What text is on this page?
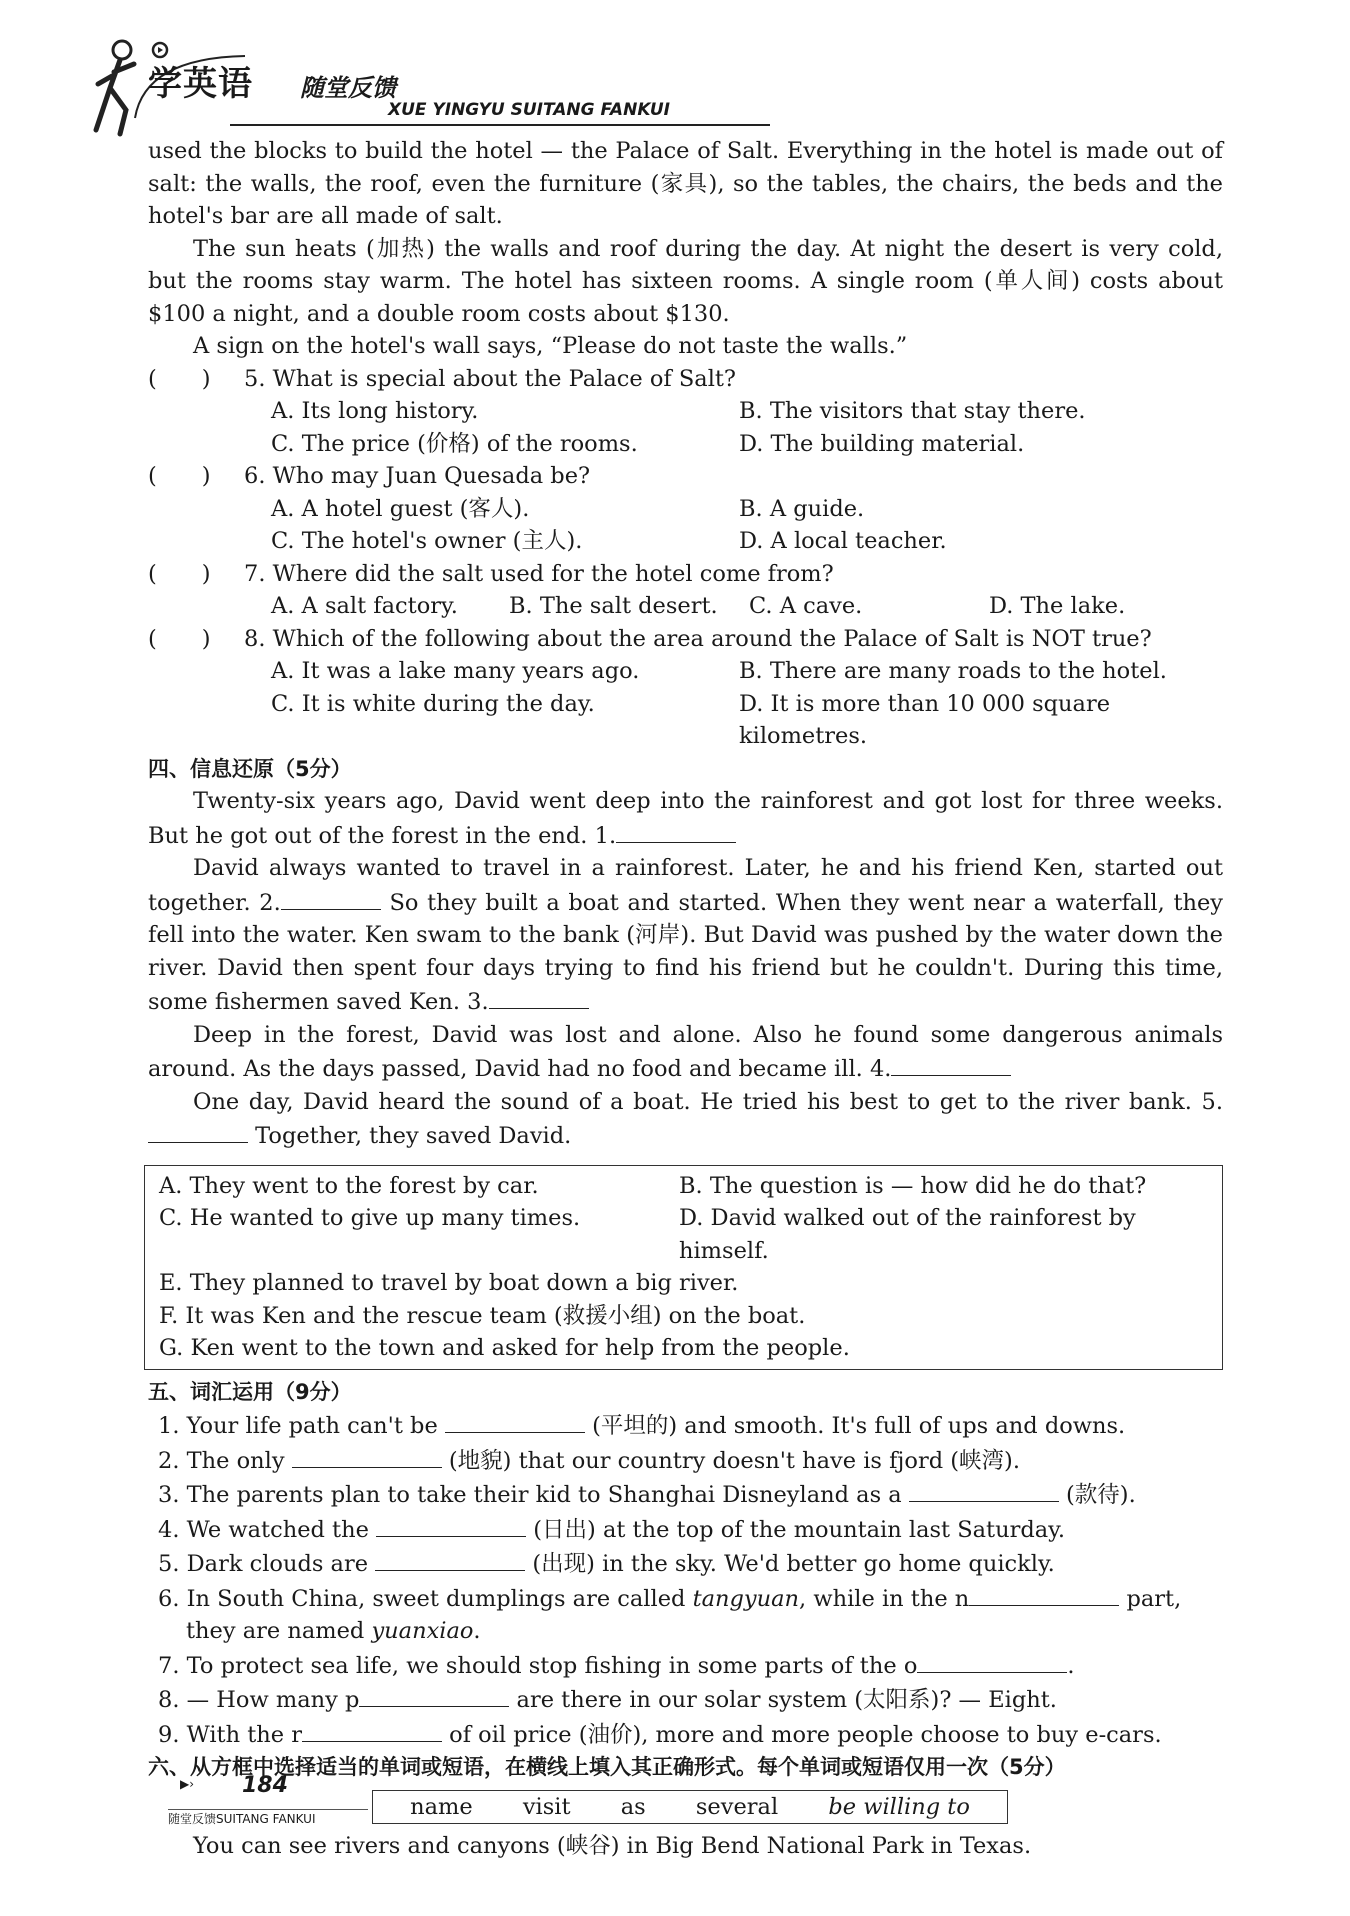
学英语 随堂反馈
XUE YINGYU SUITANG FANKUI

used the blocks to build the hotel — the Palace of Salt. Everything in the hotel is made out of salt: the walls, the roof, even the furniture (家具), so the tables, the chairs, the beds and the hotel's bar are all made of salt.

The sun heats (加热) the walls and roof during the day. At night the desert is very cold, but the rooms stay warm. The hotel has sixteen rooms. A single room (单人间) costs about $100 a night, and a double room costs about $130.

A sign on the hotel's wall says, “Please do not taste the walls.”

(　　)	5. What is special about the Palace of Salt?
A. Its long history.	B. The visitors that stay there.
C. The price (价格) of the rooms.	D. The building material.
(　　)	6. Who may Juan Quesada be?
A. A hotel guest (客人).	B. A guide.
C. The hotel's owner (主人).	D. A local teacher.
(　　)	7. Where did the salt used for the hotel come from?
A. A salt factory.	B. The salt desert.	C. A cave.	D. The lake.
(　　)	8. Which of the following about the area around the Palace of Salt is NOT true?
A. It was a lake many years ago.	B. There are many roads to the hotel.
C. It is white during the day.	D. It is more than 10 000 square kilometres.
四、信息还原（5分）

Twenty-six years ago, David went deep into the rainforest and got lost for three weeks. But he got out of the forest in the end. 1.

David always wanted to travel in a rainforest. Later, he and his friend Ken, started out together. 2.	So they built a boat and started. When they went near a waterfall, they fell into the water. Ken swam to the bank (河岸). But David was pushed by the water down the river. David then spent four days trying to find his friend but he couldn't. During this time, some fishermen saved Ken. 3.

Deep in the forest, David was lost and alone. Also he found some dangerous animals around. As the days passed, David had no food and became ill. 4.

One day, David heard the sound of a boat. He tried his best to get to the river bank. 5. Together, they saved David.

A. They went to the forest by car.	B. The question is — how did he do that?
C. He wanted to give up many times.	D. David walked out of the rainforest by himself.
E. They planned to travel by boat down a big river.
F. It was Ken and the rescue team (救援小组) on the boat.
G. Ken went to the town and asked for help from the people.
五、词汇运用（9分）
1. Your life path can't be	(平坦的) and smooth. It's full of ups and downs.
2. The only	(地貌) that our country doesn't have is fjord (峡湾).
3. The parents plan to take their kid to Shanghai Disneyland as a	(款待).
4. We watched the	(日出) at the top of the mountain last Saturday.
5. Dark clouds are	(出现) in the sky. We'd better go home quickly.
6. In South China, sweet dumplings are called tangyuan, while in the n	part,
they are named yuanxiao.
7. To protect sea life, we should stop fishing in some parts of the o	.
8. — How many p	are there in our solar system (太阳系)? — Eight.
9. With the r	of oil price (油价), more and more people choose to buy e-cars.
六、从方框中选择适当的单词或短语，在横线上填入其正确形式。每个单词或短语仅用一次（5分）
name visit as several be willing to

You can see rivers and canyons (峡谷) in Big Bend National Park in Texas.

▶› 184
随堂反馈SUITANG FANKUI
